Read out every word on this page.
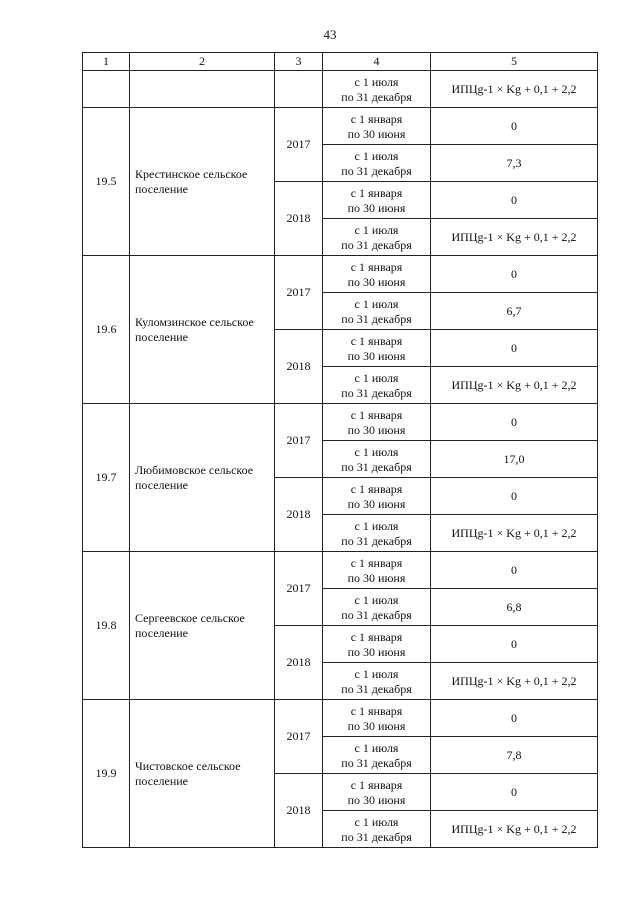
43
1	2	3	4	5

			с 1 июля
по 31 декабря	ИПЦg-1 × Kg + 0,1 + 2,2
19.5	Крестинское сельское поселение	2017	с 1 января
по 30 июня	0

			с 1 июля
по 31 декабря	7,3
		2018	с 1 января
по 30 июня	0

			с 1 июля
по 31 декабря	ИПЦg-1 × Kg + 0,1 + 2,2
19.6	Куломзинское сельское поселение	2017	с 1 января
по 30 июня	0

			с 1 июля
по 31 декабря	6,7
		2018	с 1 января
по 30 июня	0

			с 1 июля
по 31 декабря	ИПЦg-1 × Kg + 0,1 + 2,2
19.7	Любимовское сельское поселение	2017	с 1 января
по 30 июня	0

			с 1 июля
по 31 декабря	17,0
		2018	с 1 января
по 30 июня	0

			с 1 июля
по 31 декабря	ИПЦg-1 × Kg + 0,1 + 2,2
19.8	Сергеевское сельское поселение	2017	с 1 января
по 30 июня	0

			с 1 июля
по 31 декабря	6,8
		2018	с 1 января
по 30 июня	0

			с 1 июля
по 31 декабря	ИПЦg-1 × Kg + 0,1 + 2,2
19.9	Чистовское сельское поселение	2017	с 1 января
по 30 июня	0

			с 1 июля
по 31 декабря	7,8
		2018	с 1 января
по 30 июня	0

			с 1 июля
по 31 декабря	ИПЦg-1 × Kg + 0,1 + 2,2
